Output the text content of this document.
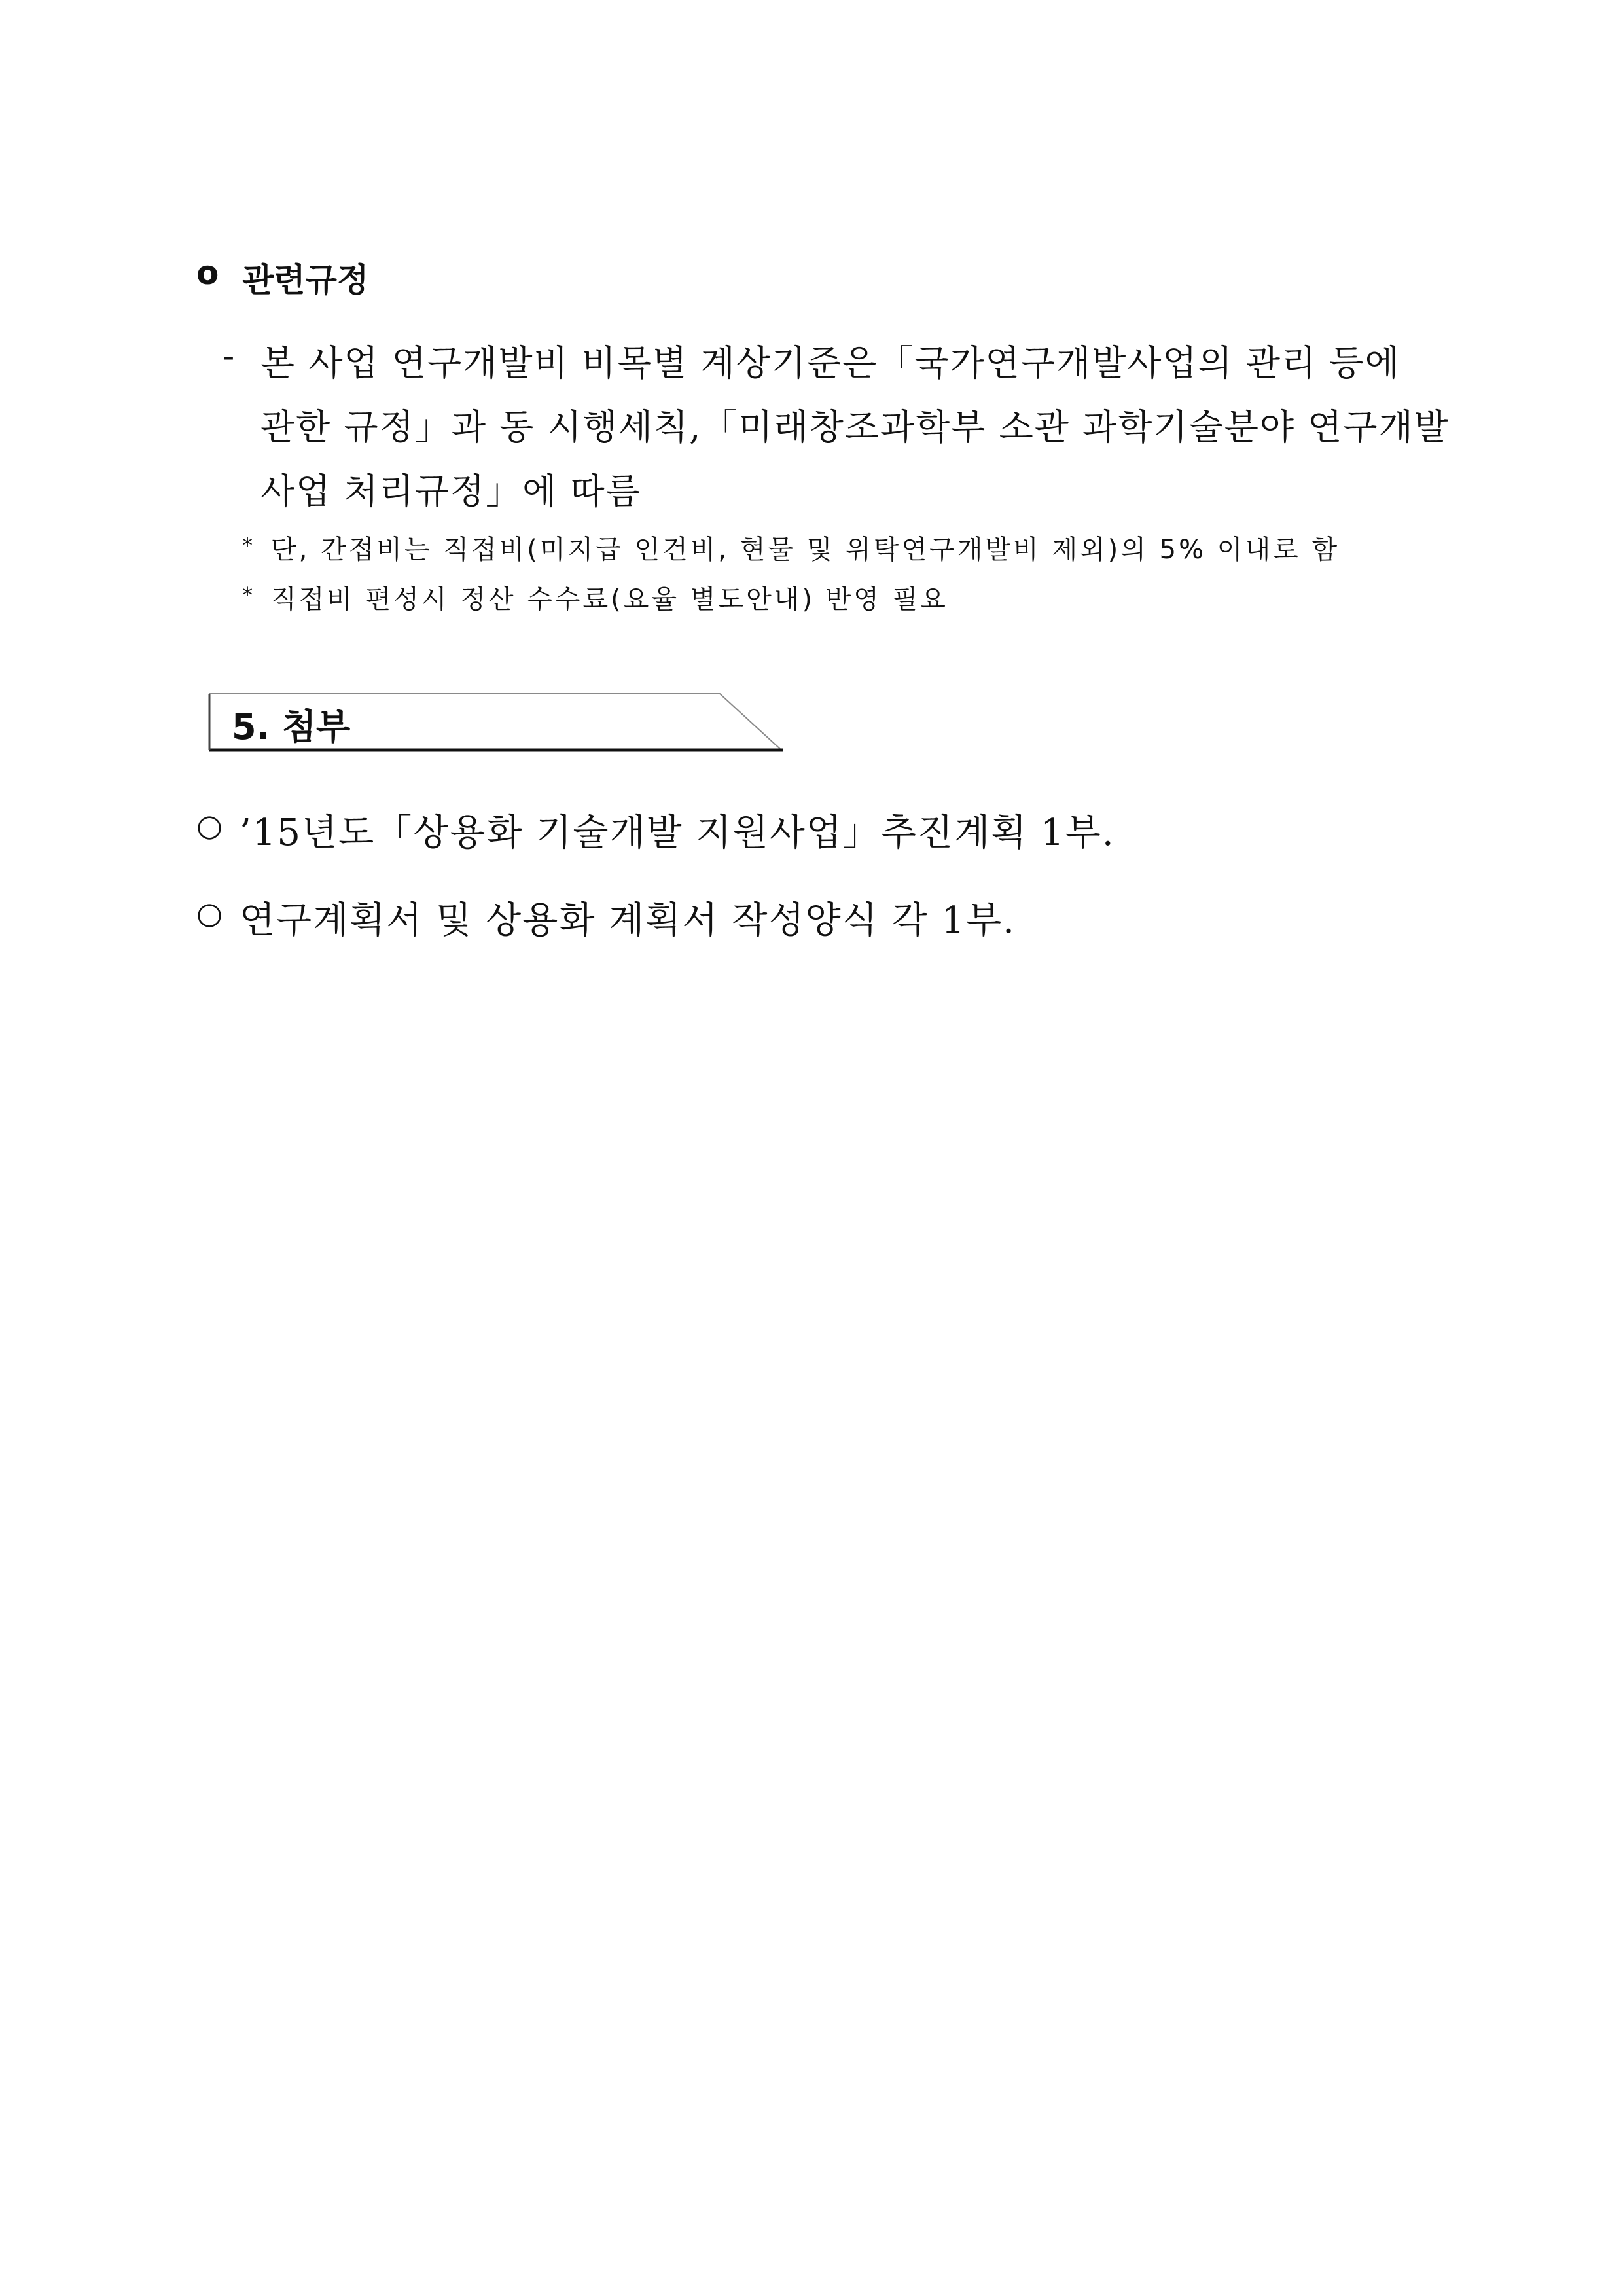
o 관련규정
- 본 사업 연구개발비 비목별 계상기준은「국가연구개발사업의 관리 등에
관한 규정」과 동 시행세칙,「미래창조과학부 소관 과학기술분야 연구개발
사업 처리규정」에 따름
* 단, 간접비는 직접비(미지급 인건비, 현물 및 위탁연구개발비 제외)의 5% 이내로 함
* 직접비 편성시 정산 수수료(요율 별도안내) 반영 필요
5. 첨부
○ ’15년도「상용화 기술개발 지원사업」추진계획 1부.
○ 연구계획서 및 상용화 계획서 작성양식 각 1부.
